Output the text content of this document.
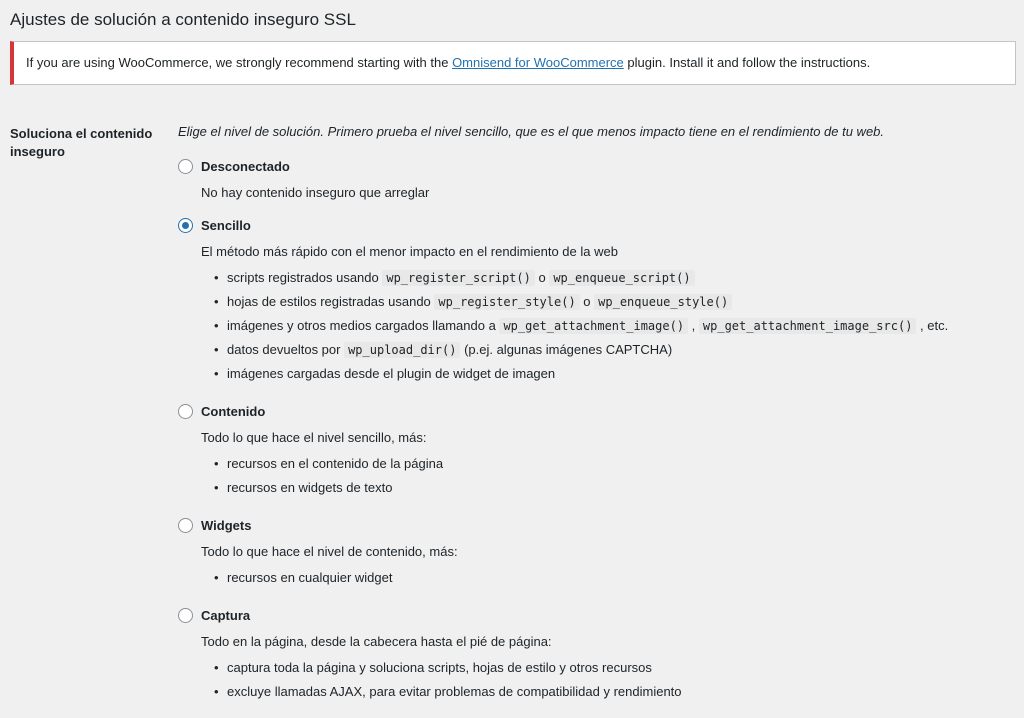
Ajustes de solución a contenido inseguro SSL
If you are using WooCommerce, we strongly recommend starting with the Omnisend for WooCommerce plugin. Install it and follow the instructions.
Soluciona el contenido inseguro

Elige el nivel de solución. Primero prueba el nivel sencillo, que es el que menos impacto tiene en el rendimiento de tu web.

Desconectado

No hay contenido inseguro que arreglar

Sencillo

El método más rápido con el menor impacto en el rendimiento de la web

• scripts registrados usando wp_register_script() o wp_enqueue_script()
• hojas de estilos registradas usando wp_register_style() o wp_enqueue_style()
• imágenes y otros medios cargados llamando a wp_get_attachment_image() , wp_get_attachment_image_src() , etc.
• datos devueltos por wp_upload_dir() (p.ej. algunas imágenes CAPTCHA)
• imágenes cargadas desde el plugin de widget de imagen
Contenido

Todo lo que hace el nivel sencillo, más:

• recursos en el contenido de la página
• recursos en widgets de texto
Widgets

Todo lo que hace el nivel de contenido, más:

• recursos en cualquier widget
Captura

Todo en la página, desde la cabecera hasta el pié de página:

• captura toda la página y soluciona scripts, hojas de estilo y otros recursos
• excluye llamadas AJAX, para evitar problemas de compatibilidad y rendimiento
